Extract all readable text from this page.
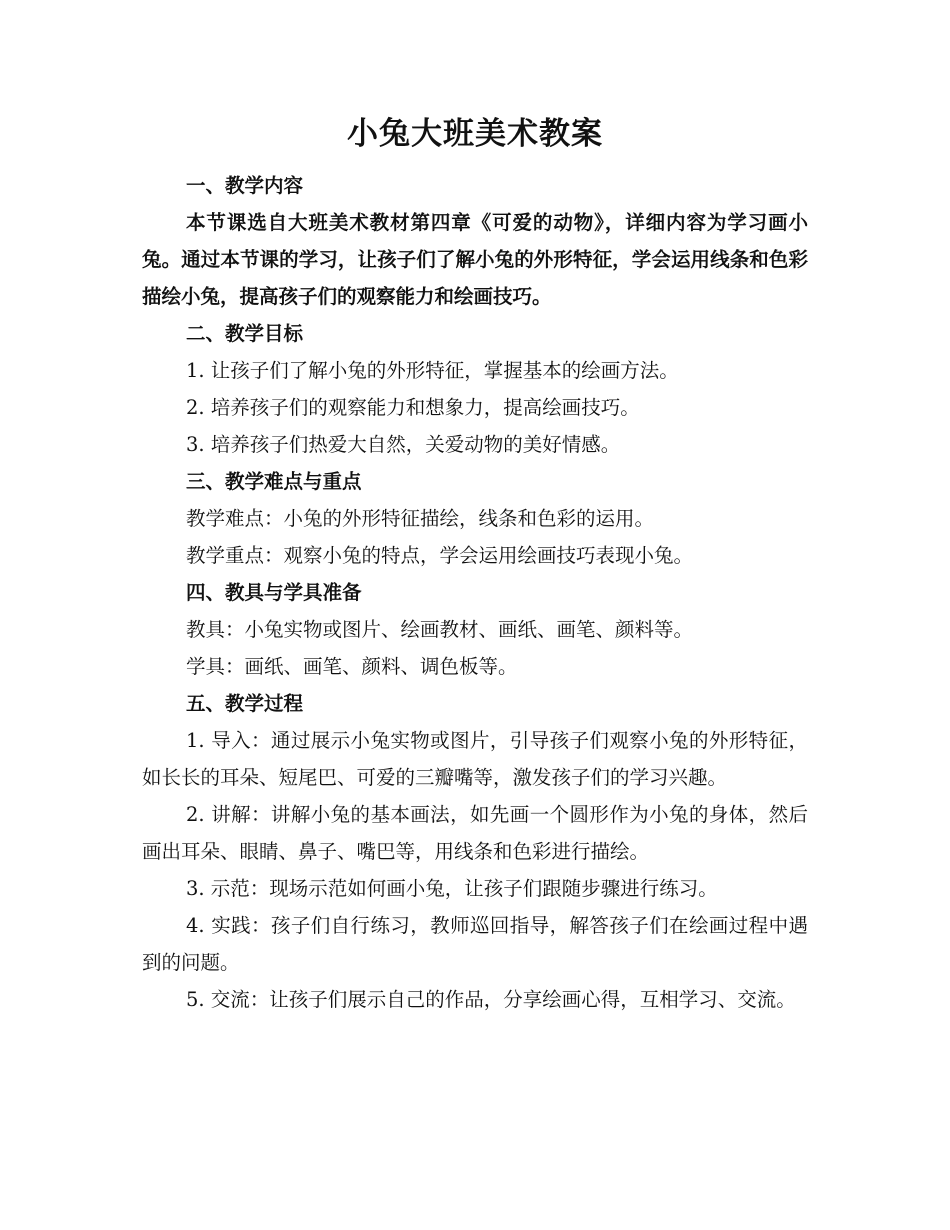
小兔大班美术教案
一、教学内容

本节课选自大班美术教材第四章《可爱的动物》，详细内容为学习画小兔。通过本节课的学习，让孩子们了解小兔的外形特征，学会运用线条和色彩描绘小兔，提高孩子们的观察能力和绘画技巧。

二、教学目标
1. 让孩子们了解小兔的外形特征，掌握基本的绘画方法。
2. 培养孩子们的观察能力和想象力，提高绘画技巧。
3. 培养孩子们热爱大自然，关爱动物的美好情感。
三、教学难点与重点
教学难点：小兔的外形特征描绘，线条和色彩的运用。
教学重点：观察小兔的特点，学会运用绘画技巧表现小兔。
四、教具与学具准备
教具：小兔实物或图片、绘画教材、画纸、画笔、颜料等。
学具：画纸、画笔、颜料、调色板等。
五、教学过程

1. 导入：通过展示小兔实物或图片，引导孩子们观察小兔的外形特征，如长长的耳朵、短尾巴、可爱的三瓣嘴等，激发孩子们的学习兴趣。

2. 讲解：讲解小兔的基本画法，如先画一个圆形作为小兔的身体，然后画出耳朵、眼睛、鼻子、嘴巴等，用线条和色彩进行描绘。

3. 示范：现场示范如何画小兔，让孩子们跟随步骤进行练习。

4. 实践：孩子们自行练习，教师巡回指导，解答孩子们在绘画过程中遇到的问题。

5. 交流：让孩子们展示自己的作品，分享绘画心得，互相学习、交流。
